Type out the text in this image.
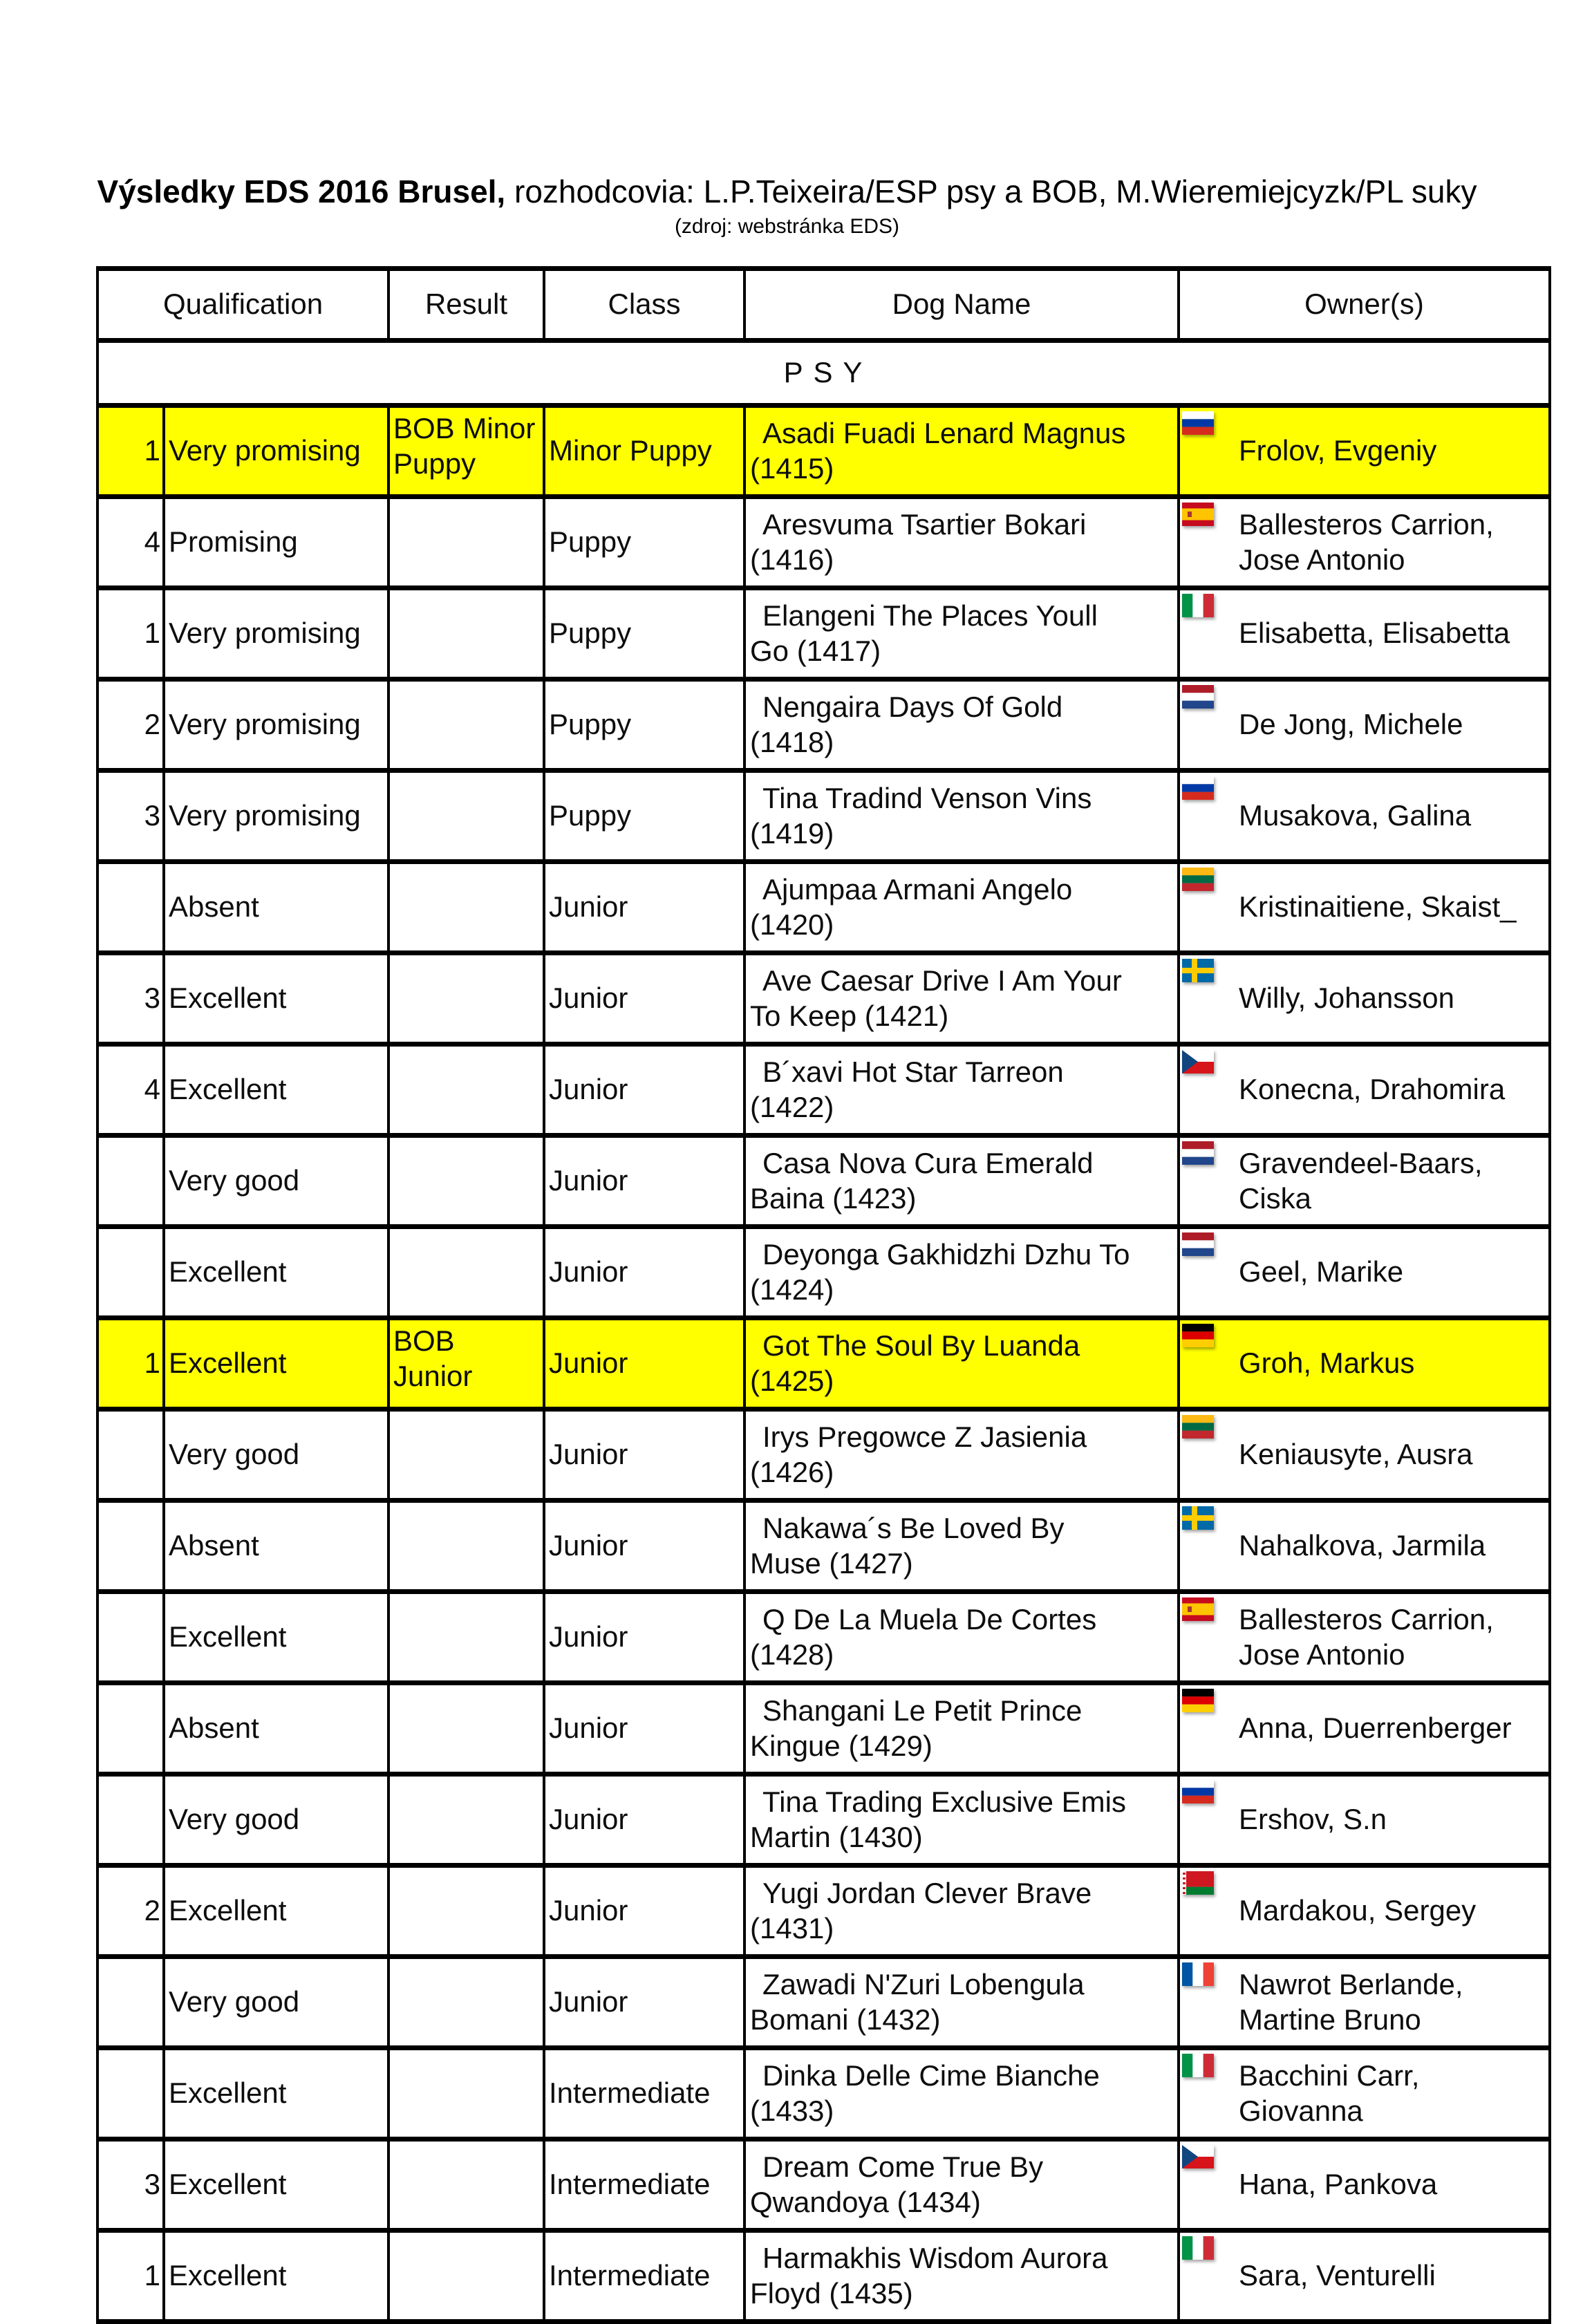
Výsledky EDS 2016 Brusel, rozhodcovia: L.P.Teixeira/ESP psy a BOB, M.Wieremiejcyzk/PL suky
(zdroj: webstránka EDS)
Qualification		Result	Class	Dog Name	Owner(s)
P S Y					
1	Very promising	BOB Minor Puppy	Minor Puppy	Asadi Fuadi Lenard Magnus (1415)	Frolov, Evgeniy
4	Promising		Puppy	Aresvuma Tsartier Bokari (1416)	Ballesteros Carrion, Jose Antonio
1	Very promising		Puppy	Elangeni The Places Youll Go (1417)	Elisabetta, Elisabetta
2	Very promising		Puppy	Nengaira Days Of Gold (1418)	De Jong, Michele
3	Very promising		Puppy	Tina Tradind Venson Vins (1419)	Musakova, Galina
	Absent		Junior	Ajumpaa Armani Angelo (1420)	Kristinaitiene, Skaist_
3	Excellent		Junior	Ave Caesar Drive I Am Your To Keep (1421)	Willy, Johansson
4	Excellent		Junior	B´xavi Hot Star Tarreon (1422)	Konecna, Drahomira
	Very good		Junior	Casa Nova Cura Emerald Baina (1423)	Gravendeel-Baars, Ciska
	Excellent		Junior	Deyonga Gakhidzhi Dzhu To (1424)	Geel, Marike
1	Excellent	BOB Junior	Junior	Got The Soul By Luanda (1425)	Groh, Markus
	Very good		Junior	Irys Pregowce Z Jasienia (1426)	Keniausyte, Ausra
	Absent		Junior	Nakawa´s Be Loved By Muse (1427)	Nahalkova, Jarmila
	Excellent		Junior	Q De La Muela De Cortes (1428)	Ballesteros Carrion, Jose Antonio
	Absent		Junior	Shangani Le Petit Prince Kingue (1429)	Anna, Duerrenberger
	Very good		Junior	Tina Trading Exclusive Emis Martin (1430)	Ershov, S.n
2	Excellent		Junior	Yugi Jordan Clever Brave (1431)	Mardakou, Sergey
	Very good		Junior	Zawadi N'Zuri Lobengula Bomani (1432)	Nawrot Berlande, Martine Bruno
	Excellent		Intermediate	Dinka Delle Cime Bianche (1433)	Bacchini Carr, Giovanna
3	Excellent		Intermediate	Dream Come True By Qwandoya (1434)	Hana, Pankova
1	Excellent		Intermediate	Harmakhis Wisdom Aurora Floyd (1435)	Sara, Venturelli
